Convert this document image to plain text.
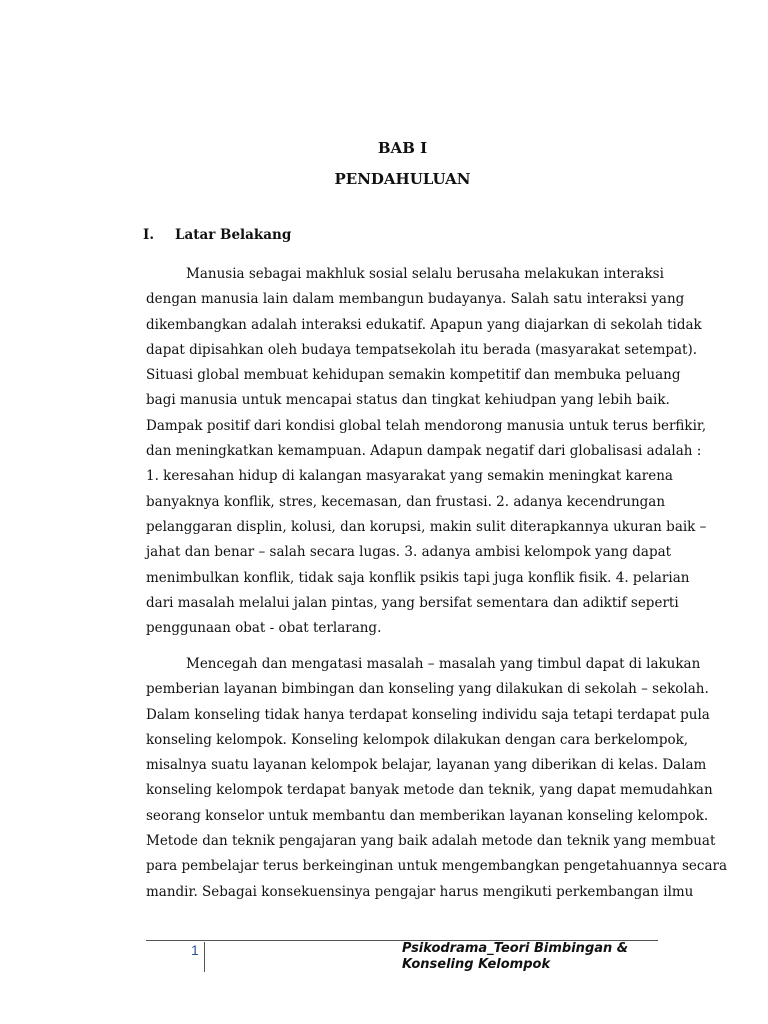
BAB I
PENDAHULUAN
I. Latar Belakang
Manusia sebagai makhluk sosial selalu berusaha melakukan interaksi
dengan manusia lain dalam membangun budayanya. Salah satu interaksi yang
dikembangkan adalah interaksi edukatif. Apapun yang diajarkan di sekolah tidak
dapat dipisahkan oleh budaya tempatsekolah itu berada (masyarakat setempat).
Situasi global membuat kehidupan semakin kompetitif dan membuka peluang
bagi manusia untuk mencapai status dan tingkat kehiudpan yang lebih baik.
Dampak positif dari kondisi global telah mendorong manusia untuk terus berfikir,
dan meningkatkan kemampuan. Adapun dampak negatif dari globalisasi adalah :
1. keresahan hidup di kalangan masyarakat yang semakin meningkat karena
banyaknya konflik, stres, kecemasan, dan frustasi. 2. adanya kecendrungan
pelanggaran displin, kolusi, dan korupsi, makin sulit diterapkannya ukuran baik –
jahat dan benar – salah secara lugas. 3. adanya ambisi kelompok yang dapat
menimbulkan konflik, tidak saja konflik psikis tapi juga konflik fisik. 4. pelarian
dari masalah melalui jalan pintas, yang bersifat sementara dan adiktif seperti
penggunaan obat - obat terlarang.
Mencegah dan mengatasi masalah – masalah yang timbul dapat di lakukan
pemberian layanan bimbingan dan konseling yang dilakukan di sekolah – sekolah.
Dalam konseling tidak hanya terdapat konseling individu saja tetapi terdapat pula
konseling kelompok. Konseling kelompok dilakukan dengan cara berkelompok,
misalnya suatu layanan kelompok belajar, layanan yang diberikan di kelas. Dalam
konseling kelompok terdapat banyak metode dan teknik, yang dapat memudahkan
seorang konselor untuk membantu dan memberikan layanan konseling kelompok.
Metode dan teknik pengajaran yang baik adalah metode dan teknik yang membuat
para pembelajar terus berkeinginan untuk mengembangkan pengetahuannya secara
mandir. Sebagai konsekuensinya pengajar harus mengikuti perkembangan ilmu
1	Psikodrama_Teori Bimbingan &
Konseling Kelompok
